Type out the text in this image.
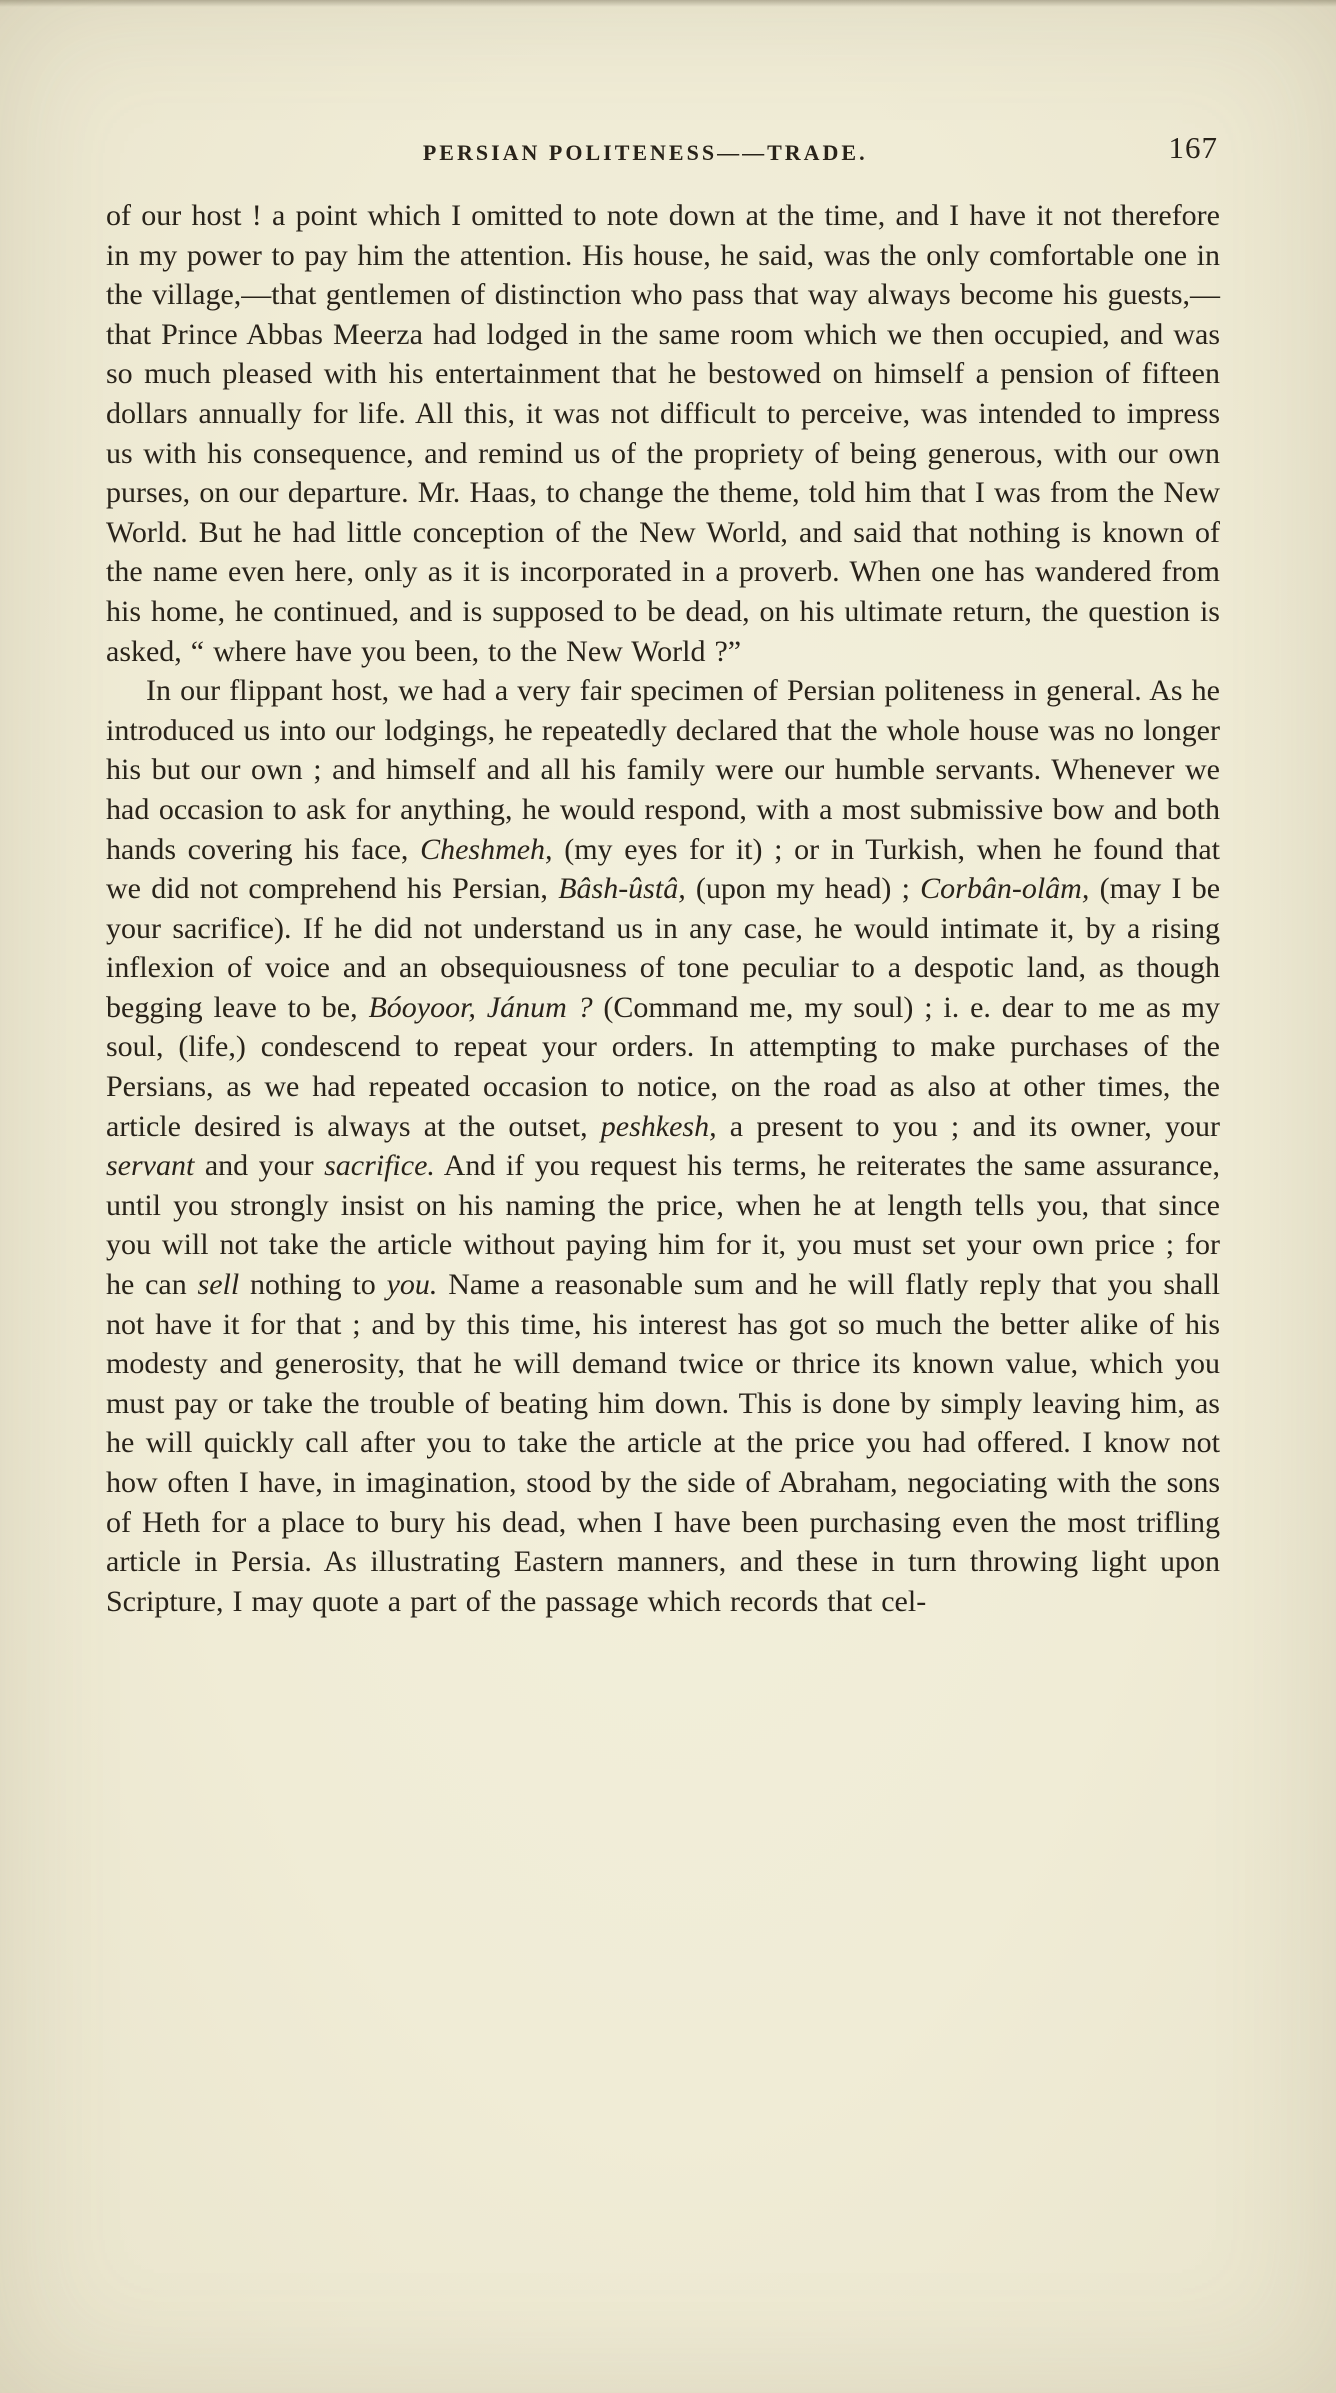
PERSIAN POLITENESS——TRADE.	167

of our host ! a point which I omitted to note down at the time, and I have it not therefore in my power to pay him the attention. His house, he said, was the only comfortable one in the village,—that gentlemen of distinction who pass that way always become his guests,—that Prince Abbas Meerza had lodged in the same room which we then occupied, and was so much pleased with his entertainment that he bestowed on himself a pension of fifteen dollars annually for life. All this, it was not difficult to perceive, was intended to impress us with his consequence, and remind us of the propriety of being generous, with our own purses, on our departure. Mr. Haas, to change the theme, told him that I was from the New World. But he had little conception of the New World, and said that nothing is known of the name even here, only as it is incorporated in a proverb. When one has wandered from his home, he continued, and is supposed to be dead, on his ultimate return, the question is asked, “ where have you been, to the New World ?”

In our flippant host, we had a very fair specimen of Persian politeness in general. As he introduced us into our lodgings, he repeatedly declared that the whole house was no longer his but our own ; and himself and all his family were our humble servants. Whenever we had occasion to ask for anything, he would respond, with a most submissive bow and both hands covering his face, Cheshmeh, (my eyes for it) ; or in Turkish, when he found that we did not comprehend his Persian, Bâsh-ûstâ, (upon my head) ; Corbân-olâm, (may I be your sacrifice). If he did not understand us in any case, he would intimate it, by a rising inflexion of voice and an obsequiousness of tone peculiar to a despotic land, as though begging leave to be, Bóoyoor, Jánum ? (Command me, my soul) ; i. e. dear to me as my soul, (life,) condescend to repeat your orders. In attempting to make purchases of the Persians, as we had repeated occasion to notice, on the road as also at other times, the article desired is always at the outset, peshkesh, a present to you ; and its owner, your servant and your sacrifice. And if you request his terms, he reiterates the same assurance, until you strongly insist on his naming the price, when he at length tells you, that since you will not take the article without paying him for it, you must set your own price ; for he can sell nothing to you. Name a reasonable sum and he will flatly reply that you shall not have it for that ; and by this time, his interest has got so much the better alike of his modesty and generosity, that he will demand twice or thrice its known value, which you must pay or take the trouble of beating him down. This is done by simply leaving him, as he will quickly call after you to take the article at the price you had offered. I know not how often I have, in imagination, stood by the side of Abraham, negociating with the sons of Heth for a place to bury his dead, when I have been purchasing even the most trifling article in Persia. As illustrating Eastern manners, and these in turn throwing light upon Scripture, I may quote a part of the passage which records that cel-
